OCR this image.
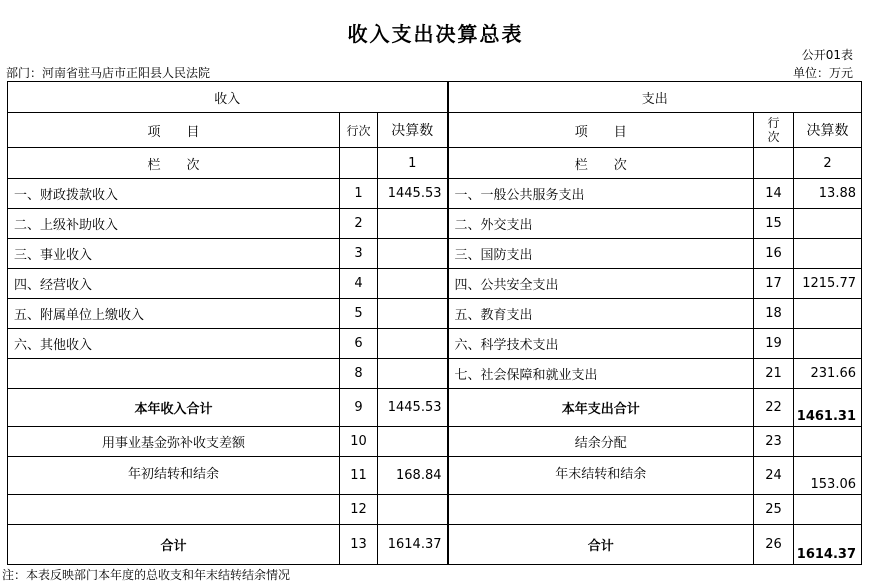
收入支出决算总表
公开01表
部门：河南省驻马店市正阳县人民法院	单位：万元
收入			支出		
项　　目	行次	决算数	项　　目	行次	决算数
栏　　次		1	栏　　次		2
一、财政拨款收入	1	1445.53	一、一般公共服务支出	14	13.88
二、上级补助收入	2		二、外交支出	15	
三、事业收入	3		三、国防支出	16	
四、经营收入	4		四、公共安全支出	17	1215.77
五、附属单位上缴收入	5		五、教育支出	18	
六、其他收入	6		六、科学技术支出	19	
	8		七、社会保障和就业支出	21	231.66
本年收入合计	9	1445.53	本年支出合计	22	1461.31
用事业基金弥补收支差额	10		结余分配	23	
年初结转和结余	11	168.84	年末结转和结余	24	153.06
	12			25	
合计	13	1614.37	合计	26	1614.37
注：本表反映部门本年度的总收支和年末结转结余情况
